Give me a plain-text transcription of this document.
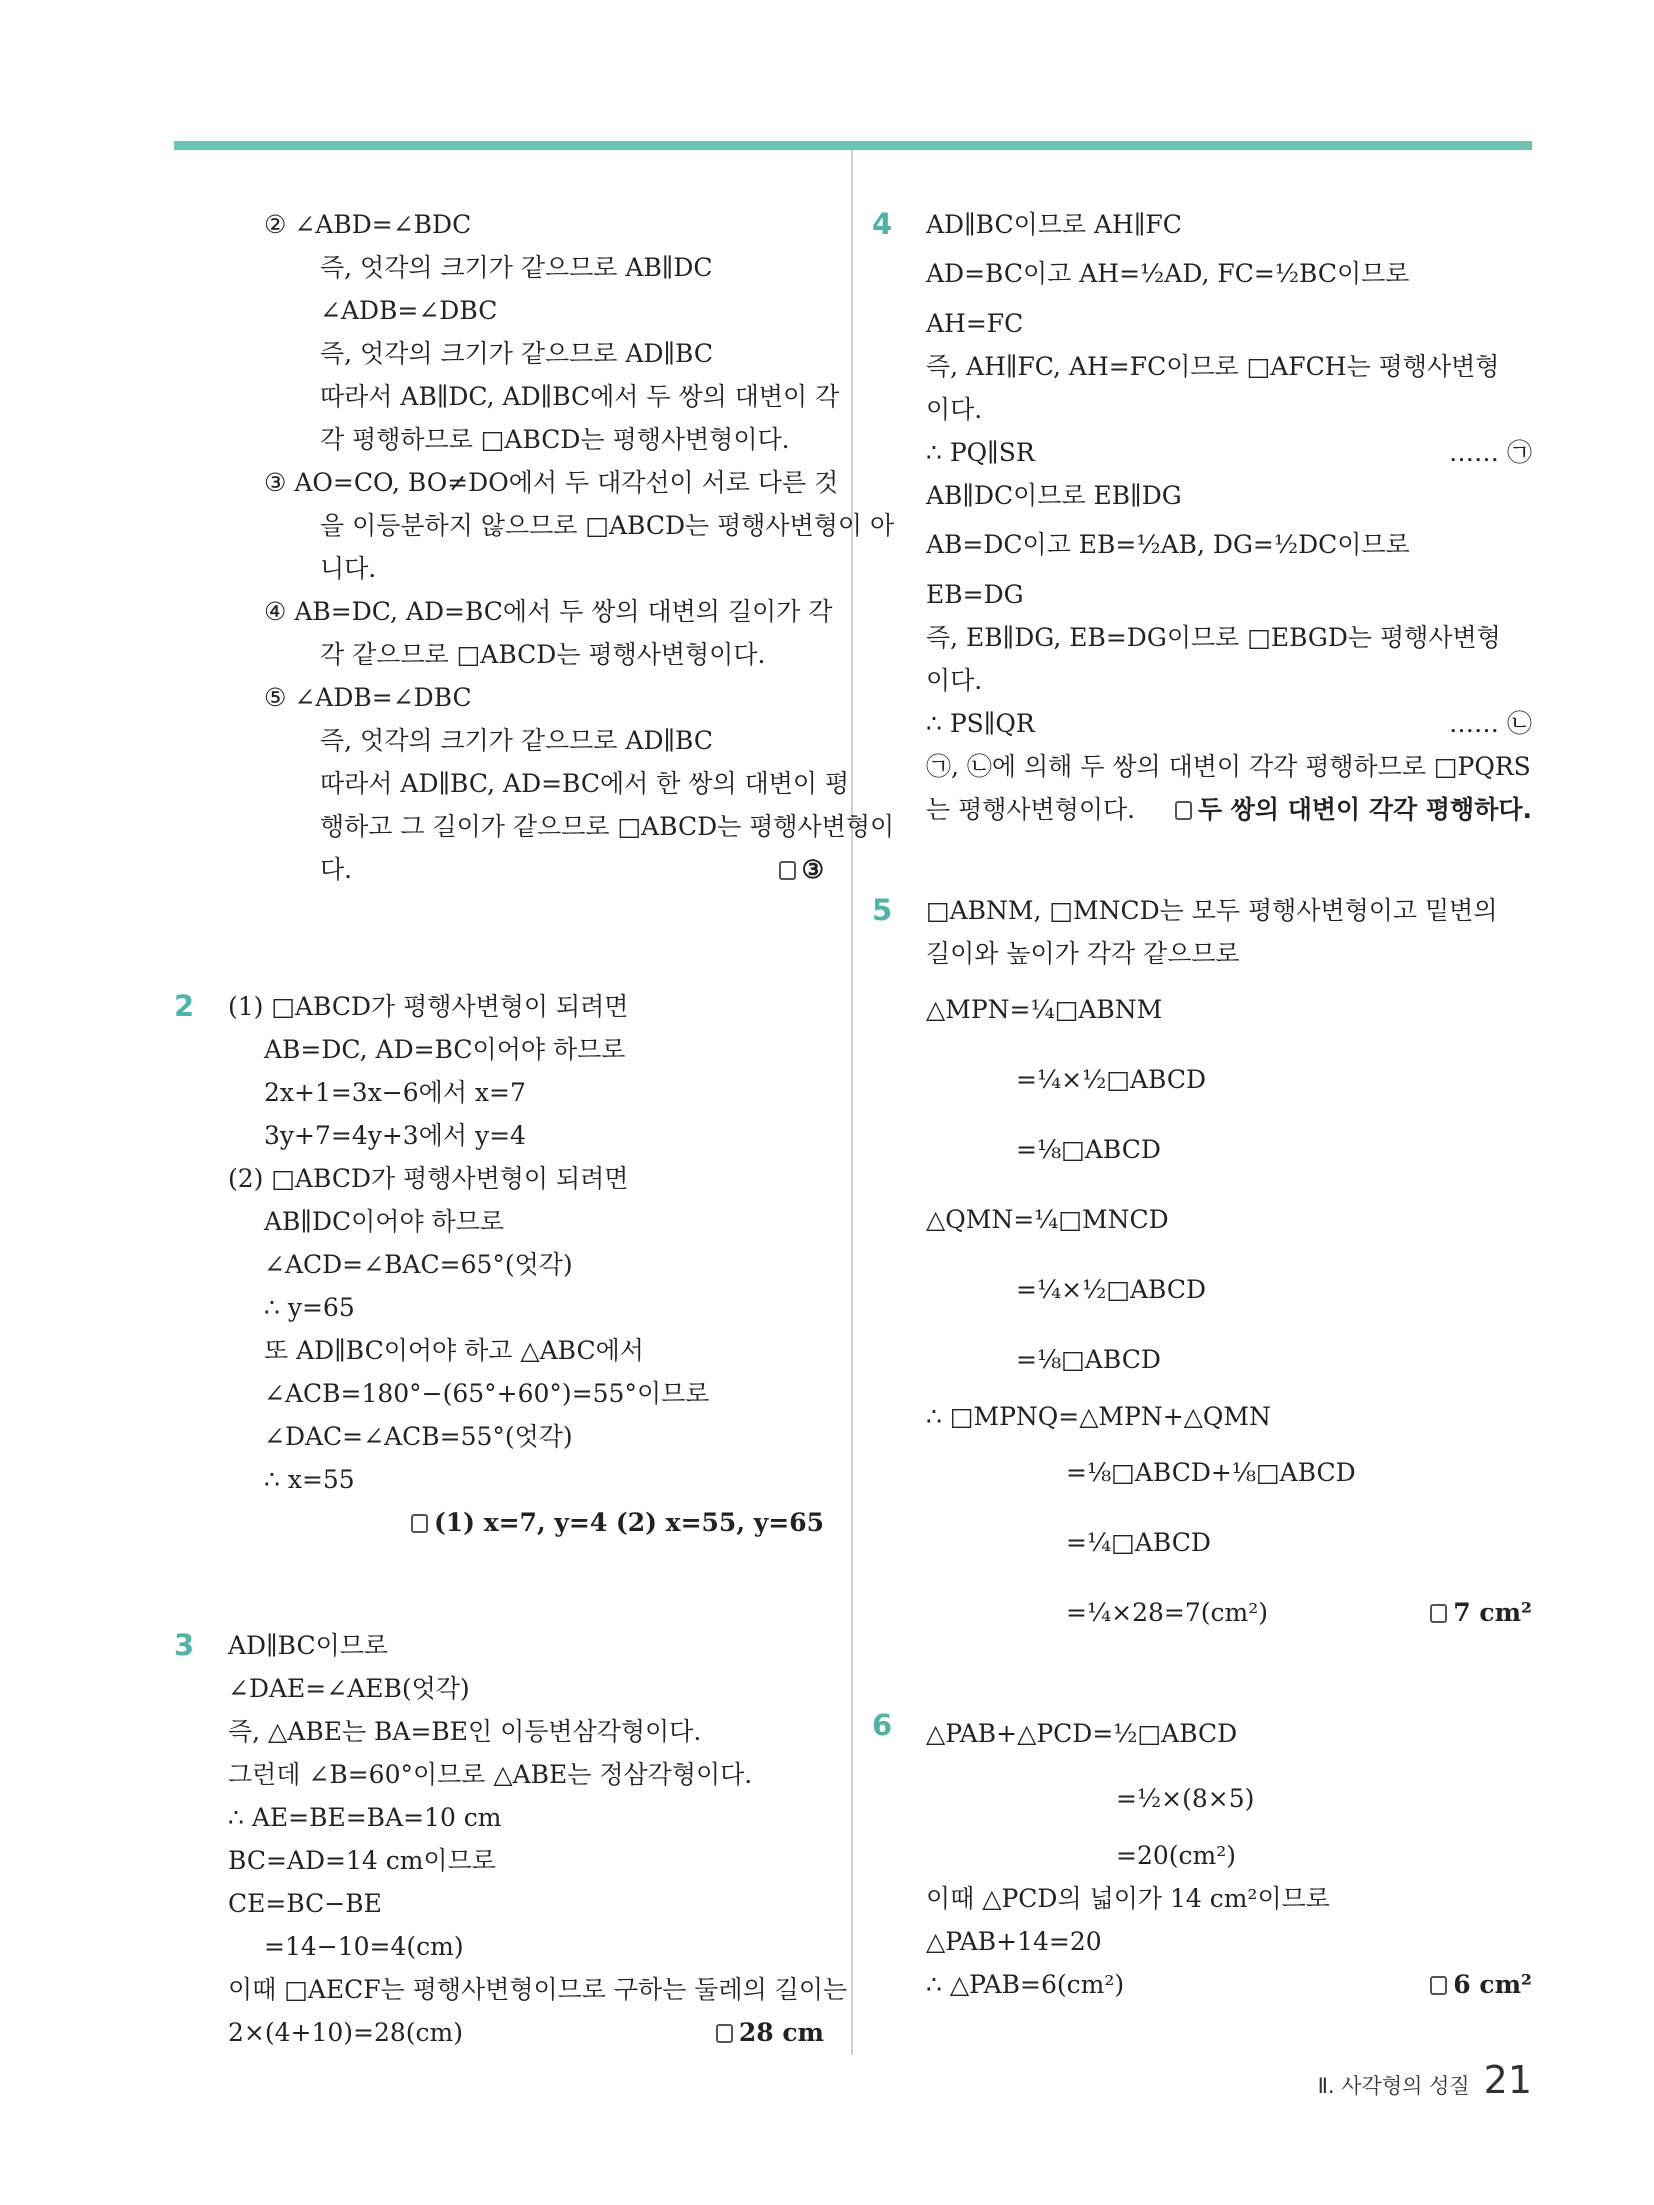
② ∠ABD=∠BDC
즉, 엇각의 크기가 같으므로 AB∥DC
∠ADB=∠DBC
즉, 엇각의 크기가 같으므로 AD∥BC
따라서 AB∥DC, AD∥BC에서 두 쌍의 대변이 각
각 평행하므로 □ABCD는 평행사변형이다.
③ AO=CO, BO≠DO에서 두 대각선이 서로 다른 것
을 이등분하지 않으므로 □ABCD는 평행사변형이 아
니다.
④ AB=DC, AD=BC에서 두 쌍의 대변의 길이가 각
각 같으므로 □ABCD는 평행사변형이다.
⑤ ∠ADB=∠DBC
즉, 엇각의 크기가 같으므로 AD∥BC
따라서 AD∥BC, AD=BC에서 한 쌍의 대변이 평
행하고 그 길이가 같으므로 □ABCD는 평행사변형이
다.	③
2 (1) □ABCD가 평행사변형이 되려면
AB=DC, AD=BC이어야 하므로
2x+1=3x−6에서 x=7
3y+7=4y+3에서 y=4
(2) □ABCD가 평행사변형이 되려면
AB∥DC이어야 하므로
∠ACD=∠BAC=65°(엇각)
∴ y=65
또 AD∥BC이어야 하고 △ABC에서
∠ACB=180°−(65°+60°)=55°이므로
∠DAC=∠ACB=55°(엇각)
∴ x=55
(1) x=7, y=4 (2) x=55, y=65
3 AD∥BC이므로
∠DAE=∠AEB(엇각)
즉, △ABE는 BA=BE인 이등변삼각형이다.
그런데 ∠B=60°이므로 △ABE는 정삼각형이다.
∴ AE=BE=BA=10 cm
BC=AD=14 cm이므로
CE=BC−BE
=14−10=4(cm)
이때 □AECF는 평행사변형이므로 구하는 둘레의 길이는
2×(4+10)=28(cm)	28 cm
4 AD∥BC이므로 AH∥FC
AD=BC이고 AH=½AD, FC=½BC이므로
AH=FC
즉, AH∥FC, AH=FC이므로 □AFCH는 평행사변형
이다.
∴ PQ∥SR	…… ㉠
AB∥DC이므로 EB∥DG
AB=DC이고 EB=½AB, DG=½DC이므로
EB=DG
즉, EB∥DG, EB=DG이므로 □EBGD는 평행사변형
이다.
∴ PS∥QR	…… ㉡
㉠, ㉡에 의해 두 쌍의 대변이 각각 평행하므로 □PQRS
는 평행사변형이다.	두 쌍의 대변이 각각 평행하다.
5 □ABNM, □MNCD는 모두 평행사변형이고 밑변의
길이와 높이가 각각 같으므로
△MPN=¼□ABNM
=¼×½□ABCD
=⅛□ABCD
△QMN=¼□MNCD
=¼×½□ABCD
=⅛□ABCD
∴ □MPNQ=△MPN+△QMN
=⅛□ABCD+⅛□ABCD
=¼□ABCD
=¼×28=7(cm²)	7 cm²
6 △PAB+△PCD=½□ABCD
=½×(8×5)
=20(cm²)
이때 △PCD의 넓이가 14 cm²이므로
△PAB+14=20
∴ △PAB=6(cm²)	6 cm²
Ⅱ. 사각형의 성질 21
